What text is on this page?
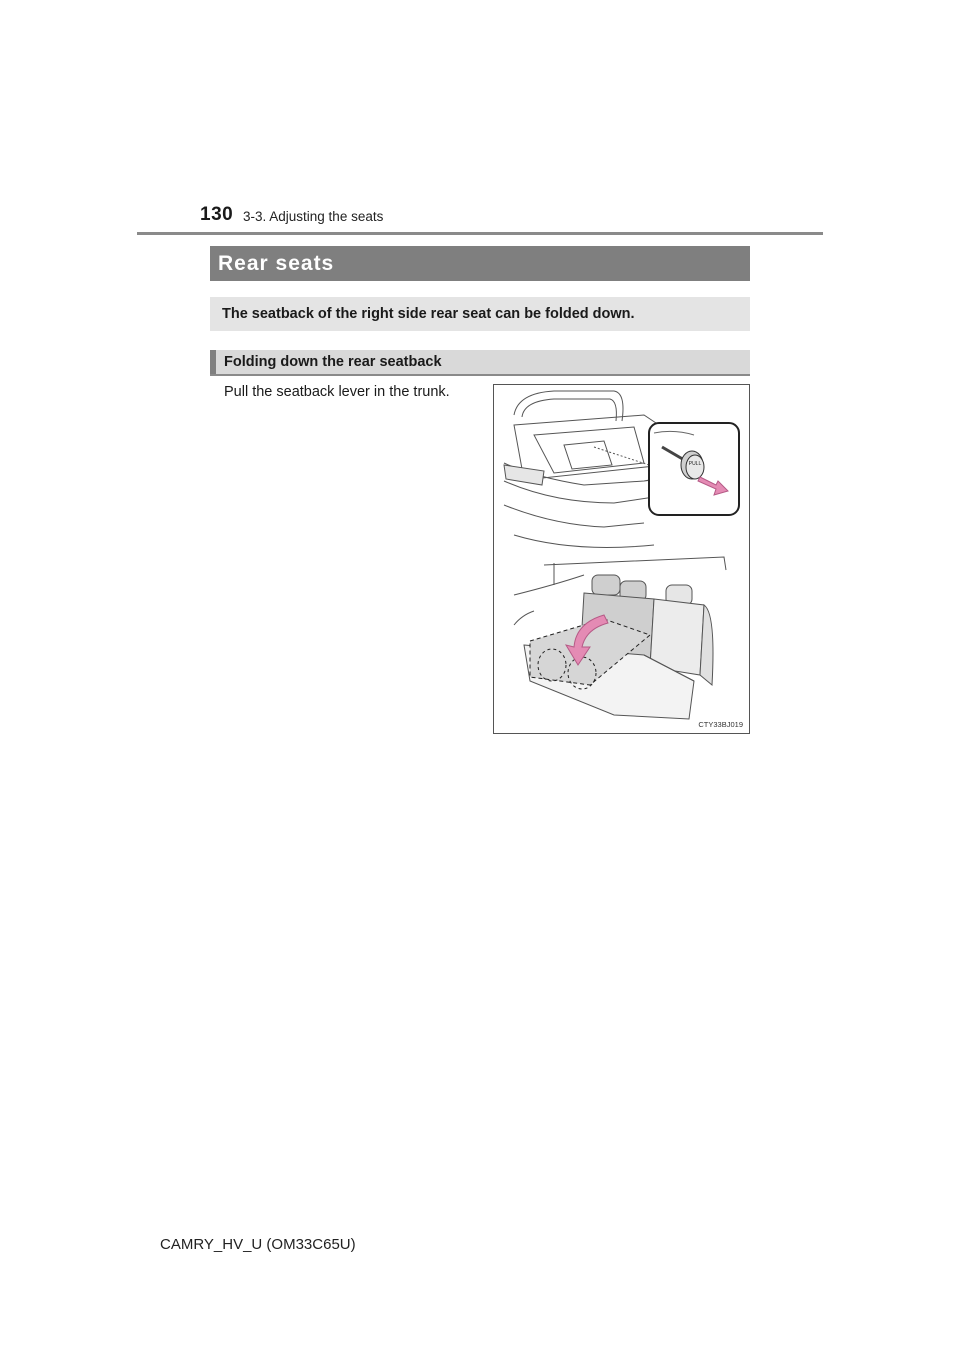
130 3-3. Adjusting the seats
Rear seats
The seatback of the right side rear seat can be folded down.
Folding down the rear seatback
Pull the seatback lever in the trunk.
PULL
CTY33BJ019
CAMRY_HV_U (OM33C65U)
